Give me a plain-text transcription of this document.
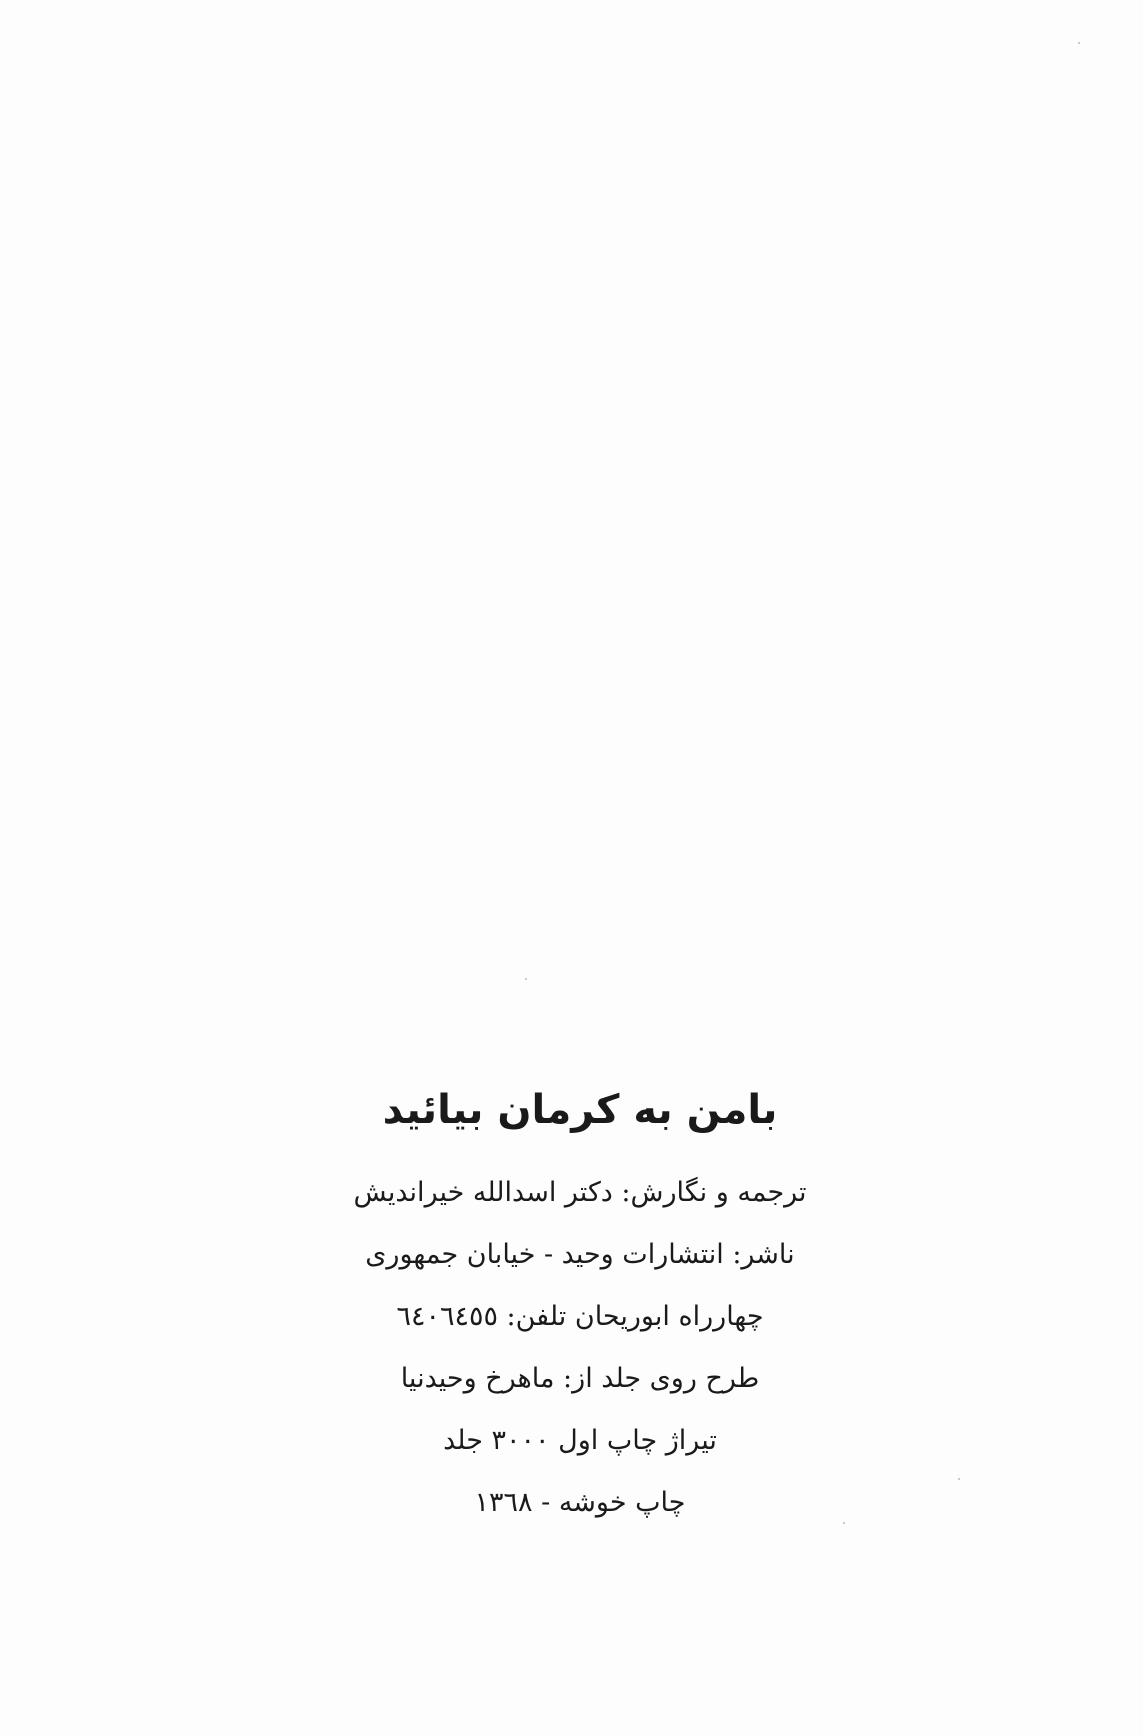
بامن به کرمان بیائید
ترجمه و نگارش: دکتر اسدالله خیراندیش
ناشر: انتشارات وحید - خیابان جمهوری
چهارراه ابوریحان تلفن: ٦٤٠٦٤٥٥
طرح روی جلد از: ماهرخ وحیدنیا
تیراژ چاپ اول ۳۰۰۰ جلد
چاپ خوشه - ۱۳٦۸
